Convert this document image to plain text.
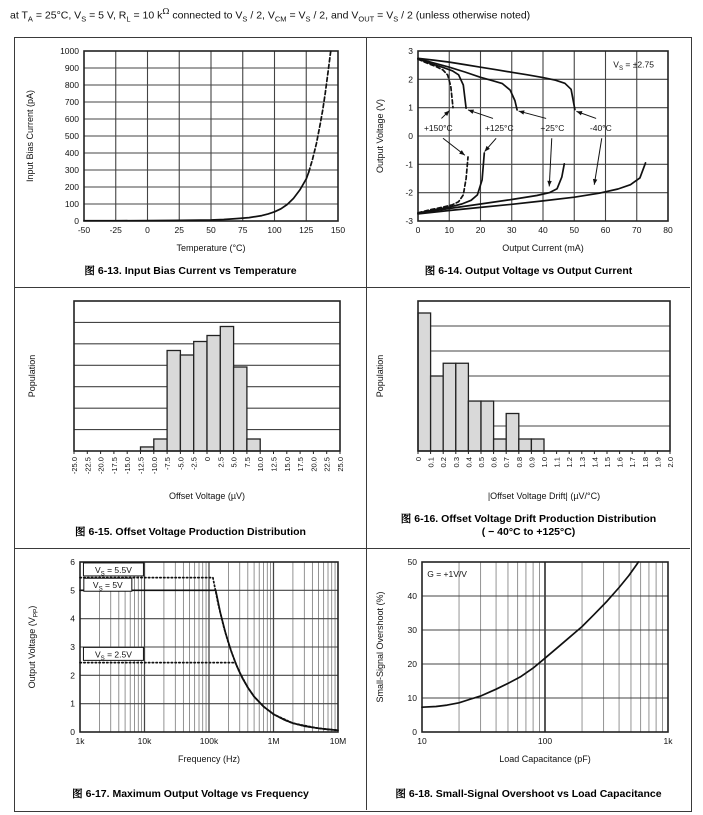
at $T_A = 25^\circ C$, $V_S = 5$ V, $R_L = 10$ $k^\Omega$ connected to $V_S / 2$, $V_{CM} = V_S / 2$, and $V_{OUT} = V_S / 2$ (unless otherwise noted)
-50 -25	0	25	50	75 100 125 150
0
100
200
300
400
500
600
700
800
900
1000
Temperature (°C)
Input Bias Current (pA)
图 6-13. Input Bias Current vs Temperature
$V_S = \pm 2.75$
+150°C	+125°C	+25°C	-40°C
0	10	20	30	40	50	60	70	80
-3
-2
-1
0
1
2
3
Output Current (mA)
Output Voltage (V)
图 6-14. Output Voltage vs Output Current
-25.0 -22.5 -20.0 -17.5 -15.0 -12.5 -10.0 -7.5 -5.0 -2.5 0 2.5 5.0 7.5 10.0 12.5 15.0 17.5 20.0 22.5 25.0
Offset Voltage (µV)
Population
图 6-15. Offset Voltage Production Distribution
0 0.1 0.2 0.3 0.4 0.5 0.6 0.7 0.8 0.9 1.0 1.1 1.2 1.3 1.4 1.5 1.6 1.7 1.8 1.9 2.0
|Offset Voltage Drift| (µV/°C)
Population
图 6-16. Offset Voltage Drift Production Distribution
( − 40°C to +125°C)
$V_S = 5.5V$
$V_S = 5V$
$V_S = 2.5V$
1k	10k	100k	1M	10M
0
1
2
3
4
5
6
Frequency (Hz)
Output Voltage $(V_{PP})$
图 6-17. Maximum Output Voltage vs Frequency
G = +1V/V
10	100	1k
0
10
20
30
40
50
Load Capacitance (pF)
Small-Signal Overshoot (%)
图 6-18. Small-Signal Overshoot vs Load Capacitance
